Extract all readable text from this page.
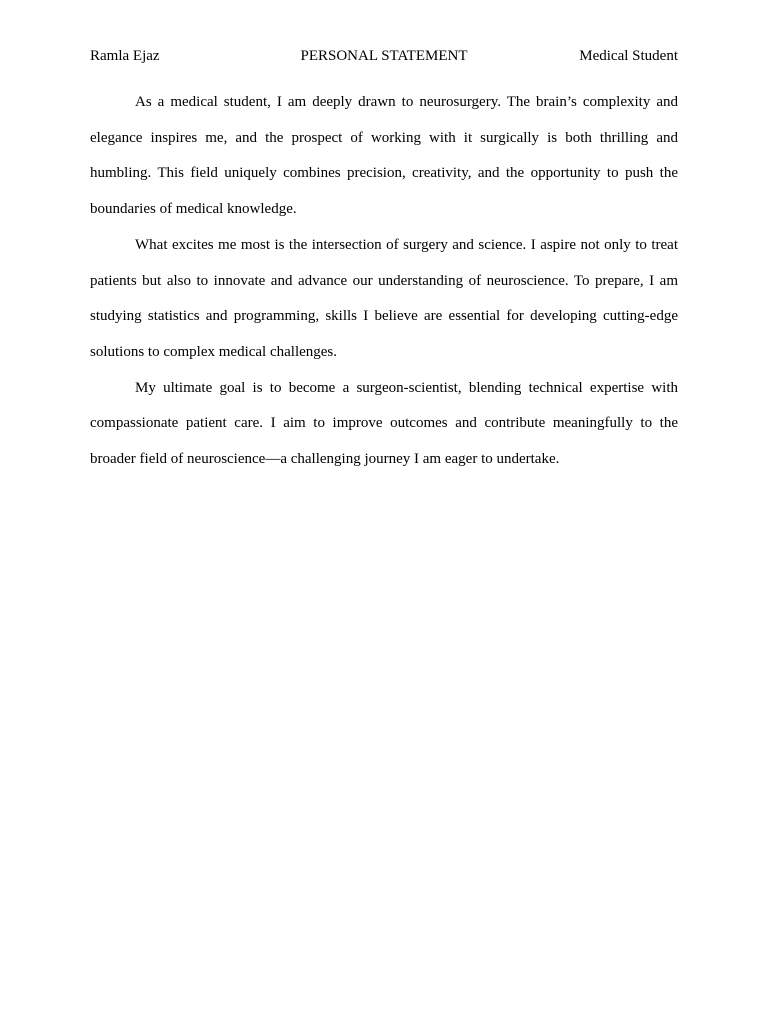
Ramla Ejaz	PERSONAL STATEMENT	Medical Student

As a medical student, I am deeply drawn to neurosurgery. The brain’s complexity and elegance inspires me, and the prospect of working with it surgically is both thrilling and humbling. This field uniquely combines precision, creativity, and the opportunity to push the boundaries of medical knowledge.

What excites me most is the intersection of surgery and science. I aspire not only to treat patients but also to innovate and advance our understanding of neuroscience. To prepare, I am studying statistics and programming, skills I believe are essential for developing cutting-edge solutions to complex medical challenges.

My ultimate goal is to become a surgeon-scientist, blending technical expertise with compassionate patient care. I aim to improve outcomes and contribute meaningfully to the broader field of neuroscience—a challenging journey I am eager to undertake.
